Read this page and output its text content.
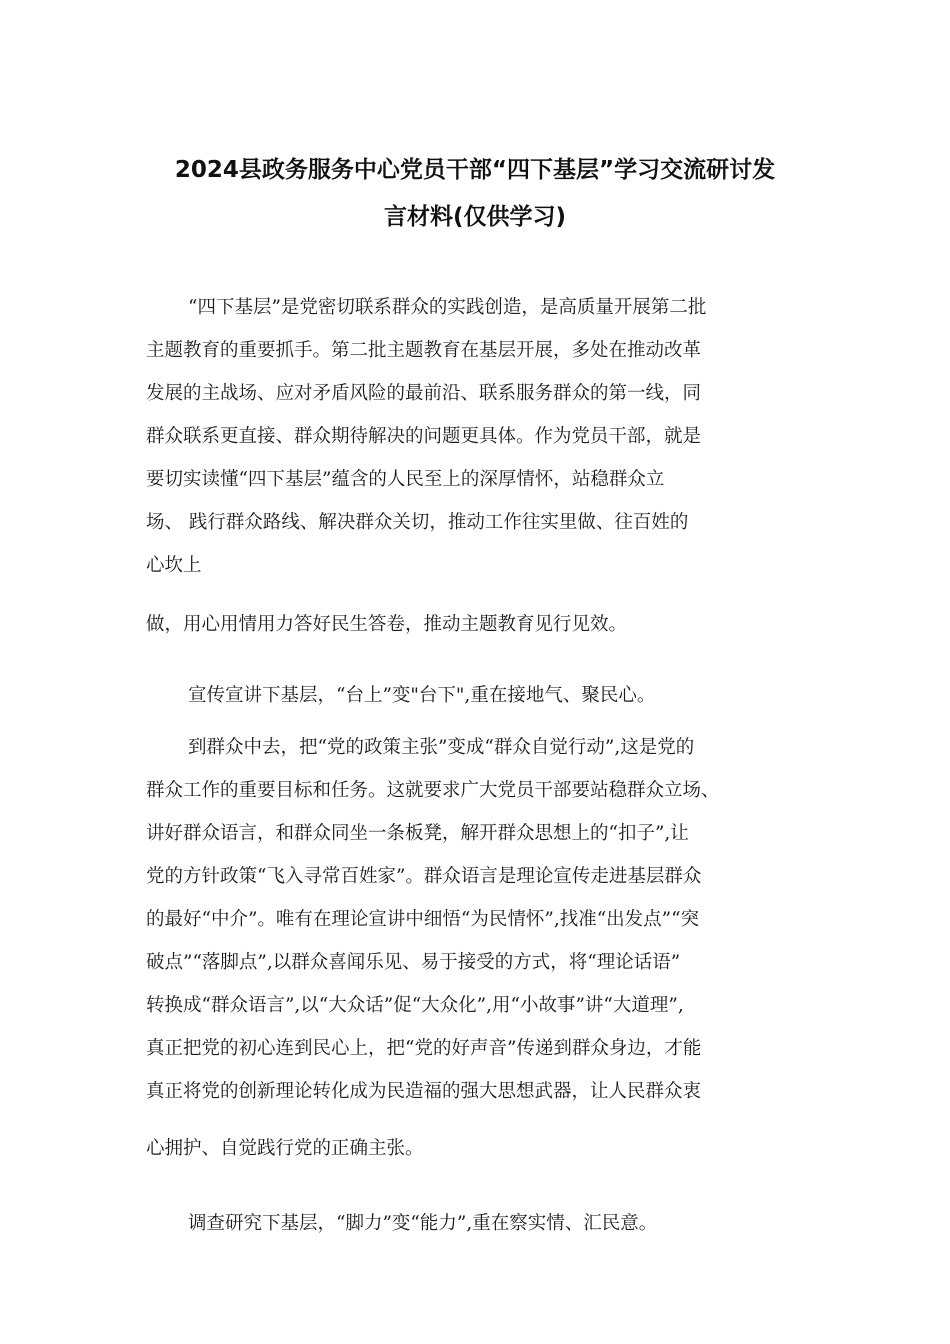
2024县政务服务中心党员干部“四下基层”学习交流研讨发
言材料(仅供学习)
“四下基层”是党密切联系群众的实践创造，是高质量开展第二批
主题教育的重要抓手。第二批主题教育在基层开展，多处在推动改革
发展的主战场、应对矛盾风险的最前沿、联系服务群众的第一线，同
群众联系更直接、群众期待解决的问题更具体。作为党员干部，就是
要切实读懂“四下基层”蕴含的人民至上的深厚情怀，站稳群众立
场、 践行群众路线、解决群众关切，推动工作往实里做、往百姓的
心坎上
做，用心用情用力答好民生答卷，推动主题教育见行见效。
宣传宣讲下基层，“台上”变"台下",重在接地气、聚民心。
到群众中去，把“党的政策主张”变成“群众自觉行动”,这是党的
群众工作的重要目标和任务。这就要求广大党员干部要站稳群众立场、
讲好群众语言，和群众同坐一条板凳，解开群众思想上的“扣子”,让
党的方针政策“飞入寻常百姓家”。群众语言是理论宣传走进基层群众
的最好“中介”。唯有在理论宣讲中细悟“为民情怀”,找准“出发点”“突
破点”“落脚点”,以群众喜闻乐见、易于接受的方式，将“理论话语”
转换成“群众语言”,以“大众话”促“大众化”,用“小故事”讲“大道理”,
真正把党的初心连到民心上，把“党的好声音”传递到群众身边，才能
真正将党的创新理论转化成为民造福的强大思想武器，让人民群众衷
心拥护、自觉践行党的正确主张。
调查研究下基层，“脚力”变“能力”,重在察实情、汇民意。
